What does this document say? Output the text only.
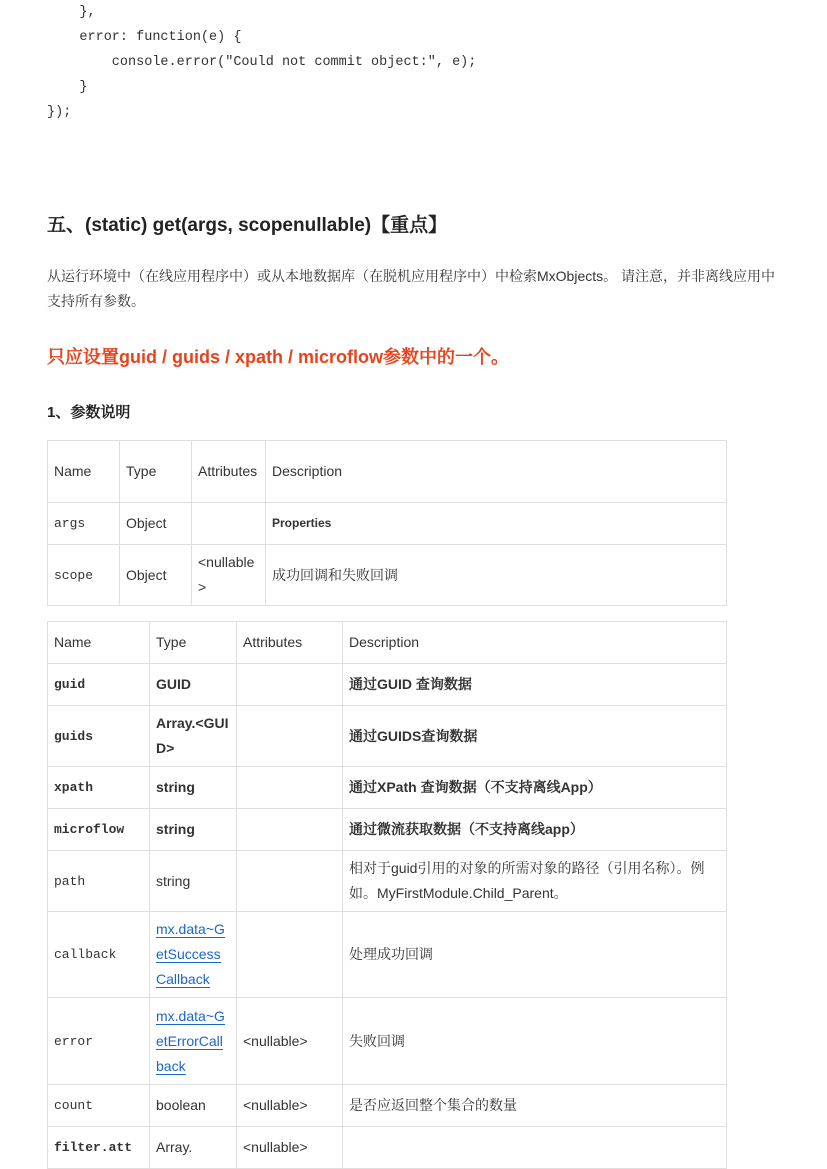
},
error: function(e) {
console.error("Could not commit object:", e);
}
});
五、(static) get(args, scopenullable)【重点】
从运行环境中（在线应用程序中）或从本地数据库（在脱机应用程序中）中检索MxObjects。 请注意，并非离线应用中支持所有参数。
只应设置guid / guids / xpath / microflow参数中的一个。
1、参数说明
Name	Type	Attributes	Description
args	Object		Properties
scope	Object	<nullable>	成功回调和失败回调
Name	Type	Attributes	Description
guid	GUID		通过GUID 查询数据
guids	Array.<GUID>		通过GUIDS查询数据
xpath	string		通过XPath 查询数据（不支持离线App）
microflow	string		通过微流获取数据（不支持离线app）
path	string		相对于guid引用的对象的所需对象的路径（引用名称）。例如。MyFirstModule.Child_Parent。
callback	mx.data~GetSuccessCallback		处理成功回调
error	mx.data~GetErrorCallback	<nullable>	失败回调
count	boolean	<nullable>	是否应返回整个集合的数量
filter.att	Array.	<nullable>	
